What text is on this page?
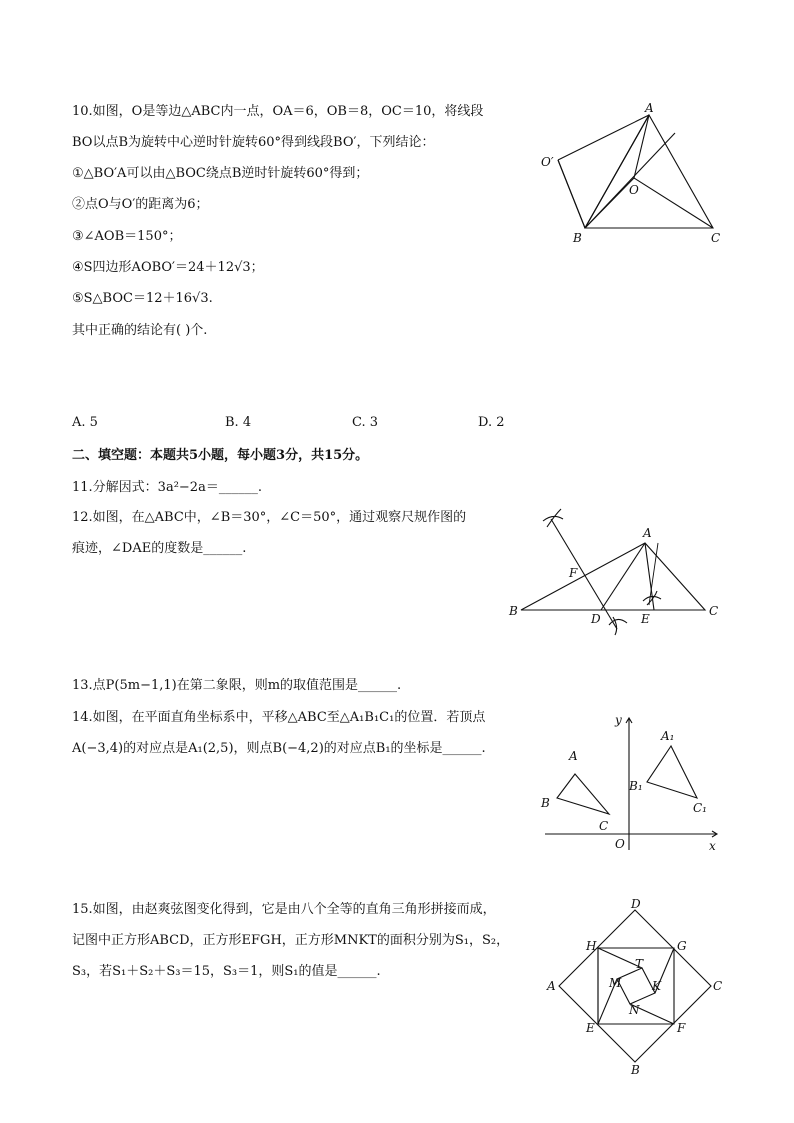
10.如图，O是等边△ABC内一点，OA＝6，OB＝8，OC＝10，将线段
BO以点B为旋转中心逆时针旋转60°得到线段BO′，下列结论：
①△BO′A可以由△BOC绕点B逆时针旋转60°得到；
②点O与O′的距离为6；
③∠AOB＝150°；
④S四边形AOBO′＝24＋12√3；
⑤S△BOC＝12＋16√3.
其中正确的结论有( )个.
A. 5	B. 4	C. 3	D. 2
A
B	C
O
O′
二、填空题：本题共5小题，每小题3分，共15分。
11.分解因式：3a²−2a＝______.
12.如图，在△ABC中，∠B＝30°，∠C＝50°，通过观察尺规作图的
痕迹，∠DAE的度数是______.
A
B	C
D	E
F
13.点P(5m−1,1)在第二象限，则m的取值范围是______.
14.如图，在平面直角坐标系中，平移△ABC至△A₁B₁C₁的位置．若顶点
A(−3,4)的对应点是A₁(2,5)，则点B(−4,2)的对应点B₁的坐标是______.	A
B
C
A₁
B₁
C₁
O	x
y
15.如图，由赵爽弦图变化得到，它是由八个全等的直角三角形拼接而成，
记图中正方形ABCD，正方形EFGH，正方形MNKT的面积分别为S₁，S₂，
S₃，若S₁＋S₂＋S₃＝15，S₃＝1，则S₁的值是______.
D
B
A	C
H	G
E	F
M
T
K
N
